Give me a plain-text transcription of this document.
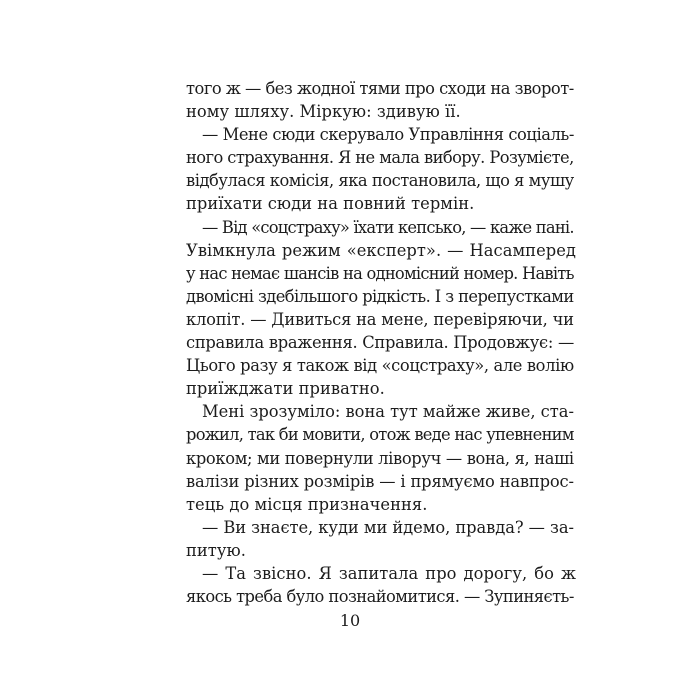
того ж — без жодної тями про сходи на зворот-
ному шляху. Міркую: здивую її.
— Мене сюди скерувало Управління соціаль-
ного страхування. Я не мала вибору. Розумієте,
відбулася комісія, яка постановила, що я мушу
приїхати сюди на повний термін.
— Від «соцстраху» їхати кепсько, — каже пані.
Увімкнула режим «експерт». — Насамперед
у нас немає шансів на одномісний номер. Навіть
двомісні здебільшого рідкість. І з перепустками
клопіт. — Дивиться на мене, перевіряючи, чи
справила враження. Справила. Продовжує: —
Цього разу я також від «соцстраху», але волію
приїжджати приватно.
Мені зрозуміло: вона тут майже живе, ста-
рожил, так би мовити, отож веде нас упевненим
кроком; ми повернули ліворуч — вона, я, наші
валізи різних розмірів — і прямуємо навпрос-
тець до місця призначення.
— Ви знаєте, куди ми йдемо, правда? — за-
питую.
— Та звісно. Я запитала про дорогу, бо ж
якось треба було познайомитися. — Зупиняєть-
10
